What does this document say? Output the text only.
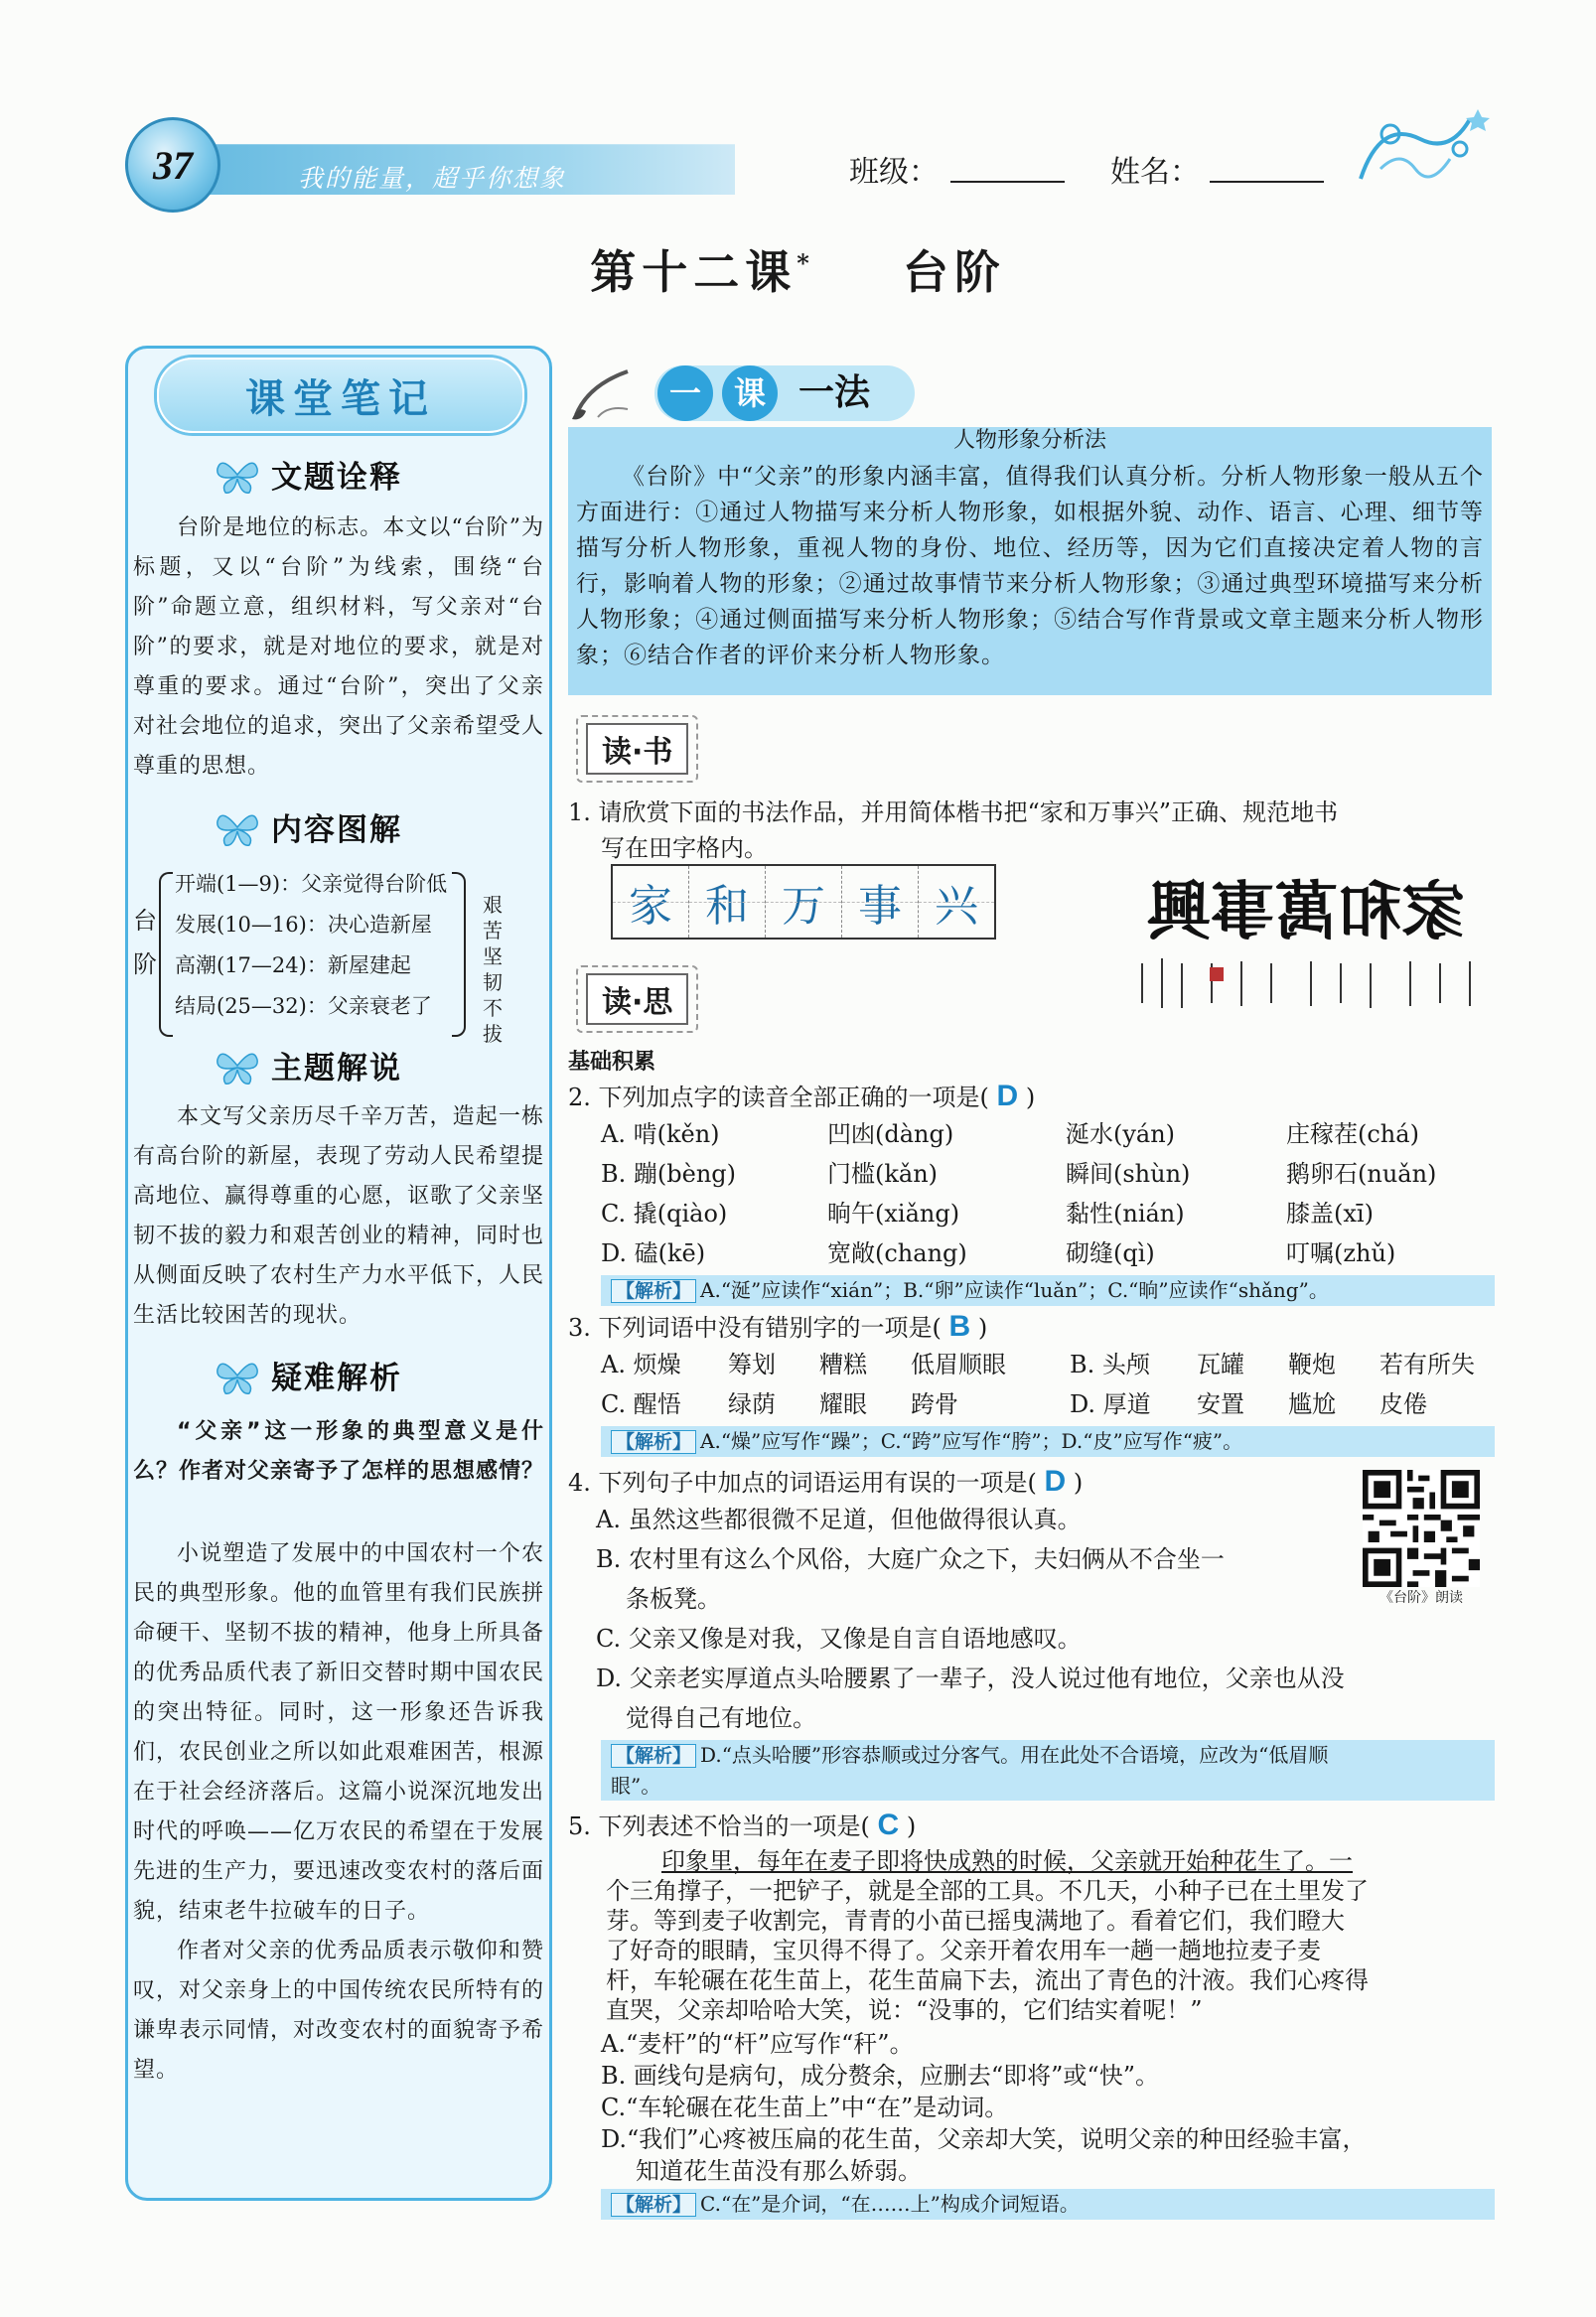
37	我的能量，超乎你想象	班级：	姓名：
第十二课* 台阶
课堂笔记
文题诠释

台阶是地位的标志。本文以“台阶”为标题，又以“台阶”为线索，围绕“台阶”命题立意，组织材料，写父亲对“台阶”的要求，就是对地位的要求，就是对尊重的要求。通过“台阶”，突出了父亲对社会地位的追求，突出了父亲希望受人尊重的思想。

内容图解
台阶
开端(1—9)：父亲觉得台阶低
发展(10—16)：决心造新屋
高潮(17—24)：新屋建起
结局(25—32)：父亲衰老了
艰苦坚韧不拔
主题解说

本文写父亲历尽千辛万苦，造起一栋有高台阶的新屋，表现了劳动人民希望提高地位、赢得尊重的心愿，讴歌了父亲坚韧不拔的毅力和艰苦创业的精神，同时也从侧面反映了农村生产力水平低下，人民生活比较困苦的现状。

疑难解析

“父亲”这一形象的典型意义是什么？作者对父亲寄予了怎样的思想感情？

小说塑造了发展中的中国农村一个农民的典型形象。他的血管里有我们民族拼命硬干、坚韧不拔的精神，他身上所具备的优秀品质代表了新旧交替时期中国农民的突出特征。同时，这一形象还告诉我们，农民创业之所以如此艰难困苦，根源在于社会经济落后。这篇小说深沉地发出时代的呼唤——亿万农民的希望在于发展先进的生产力，要迅速改变农村的落后面貌，结束老牛拉破车的日子。

作者对父亲的优秀品质表示敬仰和赞叹，对父亲身上的中国传统农民所特有的谦卑表示同情，对改变农村的面貌寄予希望。

一 课 一法
人物形象分析法

《台阶》中“父亲”的形象内涵丰富，值得我们认真分析。分析人物形象一般从五个方面进行：①通过人物描写来分析人物形象，如根据外貌、动作、语言、心理、细节等描写分析人物形象，重视人物的身份、地位、经历等，因为它们直接决定着人物的言行，影响着人物的形象；②通过故事情节来分析人物形象；③通过典型环境描写来分析人物形象；④通过侧面描写来分析人物形象；⑤结合写作背景或文章主题来分析人物形象；⑥结合作者的评价来分析人物形象。

读·书
1. 请欣赏下面的书法作品，并用简体楷书把“家和万事兴”正确、规范地书
写在田字格内。
家 和 万 事 兴	家和萬事興
读·思
基础积累
2. 下列加点字的读音全部正确的一项是( D )
A. 啃(kěn)	凹凼(dàng)	涎水(yán)	庄稼茬(chá)
B. 蹦(bèng)	门槛(kǎn)	瞬间(shùn)	鹅卵石(nuǎn)
C. 撬(qiào)	晌午(xiǎng)	黏性(nián)	膝盖(xī)
D. 磕(kē)	宽敞(chang)	砌缝(qì)	叮嘱(zhǔ)
【解析】 A.“涎”应读作“xián”；B.“卵”应读作“luǎn”；C.“晌”应读作“shǎng”。
3. 下列词语中没有错别字的一项是( B )
A. 烦燥	筹划	糟糕	低眉顺眼	B. 头颅	瓦罐	鞭炮	若有所失
C. 醒悟	绿荫	耀眼	跨骨	D. 厚道	安置	尴尬	皮倦
【解析】 A.“燥”应写作“躁”；C.“跨”应写作“胯”；D.“皮”应写作“疲”。
4. 下列句子中加点的词语运用有误的一项是( D )
A. 虽然这些都很微不足道，但他做得很认真。
B. 农村里有这么个风俗，大庭广众之下，夫妇俩从不合坐一
条板凳。
C. 父亲又像是对我，又像是自言自语地感叹。
D. 父亲老实厚道点头哈腰累了一辈子，没人说过他有地位，父亲也从没
觉得自己有地位。
《台阶》朗读
【解析】 D.“点头哈腰”形容恭顺或过分客气。用在此处不合语境，应改为“低眉顺
眼”。
5. 下列表述不恰当的一项是( C )
印象里，每年在麦子即将快成熟的时候，父亲就开始种花生了。一
个三角撑子，一把铲子，就是全部的工具。不几天，小种子已在土里发了
芽。等到麦子收割完，青青的小苗已摇曳满地了。看着它们，我们瞪大
了好奇的眼睛，宝贝得不得了。父亲开着农用车一趟一趟地拉麦子麦
杆，车轮碾在花生苗上，花生苗扁下去，流出了青色的汁液。我们心疼得
直哭，父亲却哈哈大笑，说：“没事的，它们结实着呢！”
A.“麦杆”的“杆”应写作“秆”。
B. 画线句是病句，成分赘余，应删去“即将”或“快”。
C.“车轮碾在花生苗上”中“在”是动词。
D.“我们”心疼被压扁的花生苗，父亲却大笑，说明父亲的种田经验丰富，
知道花生苗没有那么娇弱。
【解析】 C.“在”是介词，“在……上”构成介词短语。
